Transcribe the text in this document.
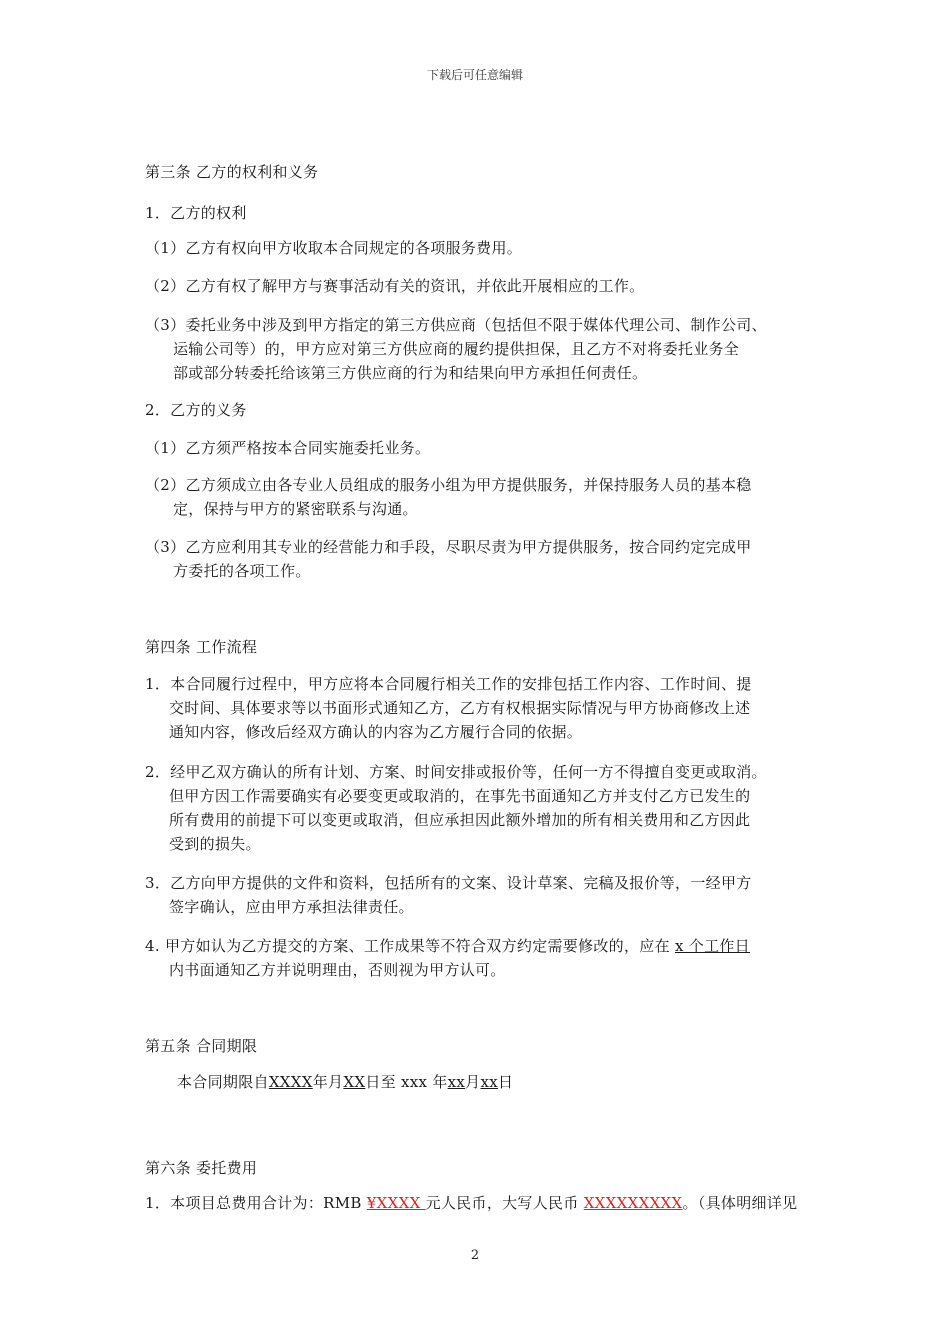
下载后可任意编辑
第三条 乙方的权利和义务
1．乙方的权利
（1）乙方有权向甲方收取本合同规定的各项服务费用。
（2）乙方有权了解甲方与赛事活动有关的资讯，并依此开展相应的工作。
（3）委托业务中涉及到甲方指定的第三方供应商（包括但不限于媒体代理公司、制作公司、
运输公司等）的，甲方应对第三方供应商的履约提供担保，且乙方不对将委托业务全
部或部分转委托给该第三方供应商的行为和结果向甲方承担任何责任。
2．乙方的义务
（1）乙方须严格按本合同实施委托业务。
（2）乙方须成立由各专业人员组成的服务小组为甲方提供服务，并保持服务人员的基本稳
定，保持与甲方的紧密联系与沟通。
（3）乙方应利用其专业的经营能力和手段，尽职尽责为甲方提供服务，按合同约定完成甲
方委托的各项工作。
第四条 工作流程
1．本合同履行过程中，甲方应将本合同履行相关工作的安排包括工作内容、工作时间、提
交时间、具体要求等以书面形式通知乙方，乙方有权根据实际情况与甲方协商修改上述
通知内容，修改后经双方确认的内容为乙方履行合同的依据。
2．经甲乙双方确认的所有计划、方案、时间安排或报价等，任何一方不得擅自变更或取消。
但甲方因工作需要确实有必要变更或取消的，在事先书面通知乙方并支付乙方已发生的
所有费用的前提下可以变更或取消，但应承担因此额外增加的所有相关费用和乙方因此
受到的损失。
3．乙方向甲方提供的文件和资料，包括所有的文案、设计草案、完稿及报价等，一经甲方
签字确认，应由甲方承担法律责任。
4. 甲方如认为乙方提交的方案、工作成果等不符合双方约定需要修改的，应在 x 个工作日
内书面通知乙方并说明理由，否则视为甲方认可。
第五条 合同期限
本合同期限自XXXX年月XX日至 xxx 年xx月xx日
第六条 委托费用
1．本项目总费用合计为：RMB ¥XXXX 元人民币，大写人民币 XXXXXXXXX。（具体明细详见
2
